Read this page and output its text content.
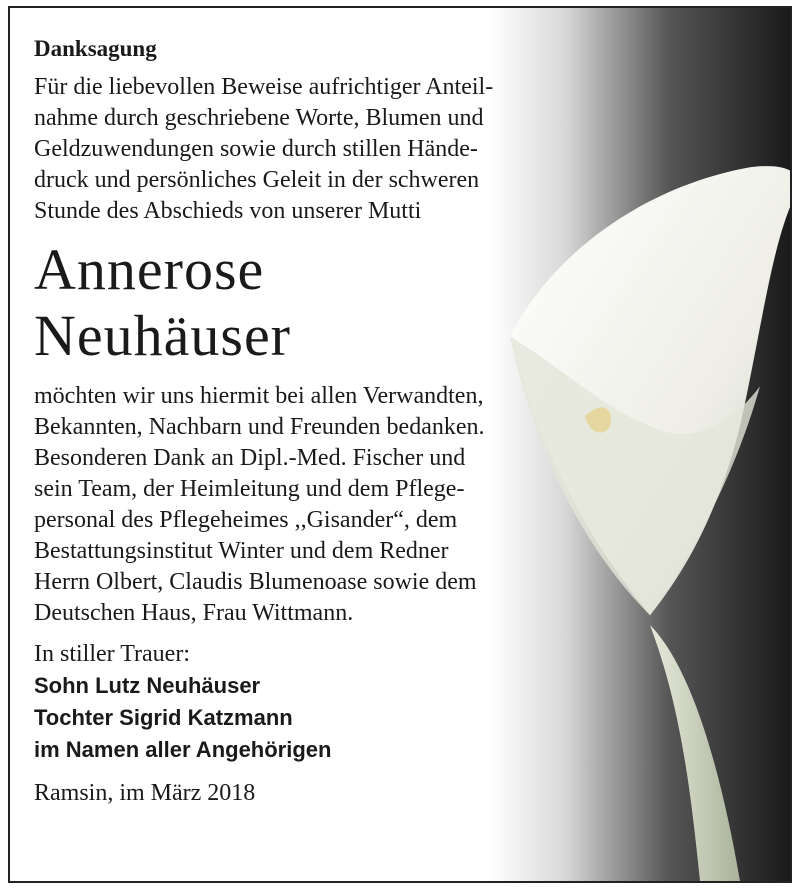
Danksagung

Für die liebevollen Beweise aufrichtiger Anteil-
nahme durch geschriebene Worte, Blumen und
Geldzuwendungen sowie durch stillen Hände-
druck und persönliches Geleit in der schweren
Stunde des Abschieds von unserer Mutti

Annerose
Neuhäuser

möchten wir uns hiermit bei allen Verwandten,
Bekannten, Nachbarn und Freunden bedanken.
Besonderen Dank an Dipl.-Med. Fischer und
sein Team, der Heimleitung und dem Pflege-
personal des Pflegeheimes ,,Gisander“, dem
Bestattungsinstitut Winter und dem Redner
Herrn Olbert, Claudis Blumenoase sowie dem
Deutschen Haus, Frau Wittmann.

In stiller Trauer:
Sohn Lutz Neuhäuser
Tochter Sigrid Katzmann
im Namen aller Angehörigen
Ramsin, im März 2018
